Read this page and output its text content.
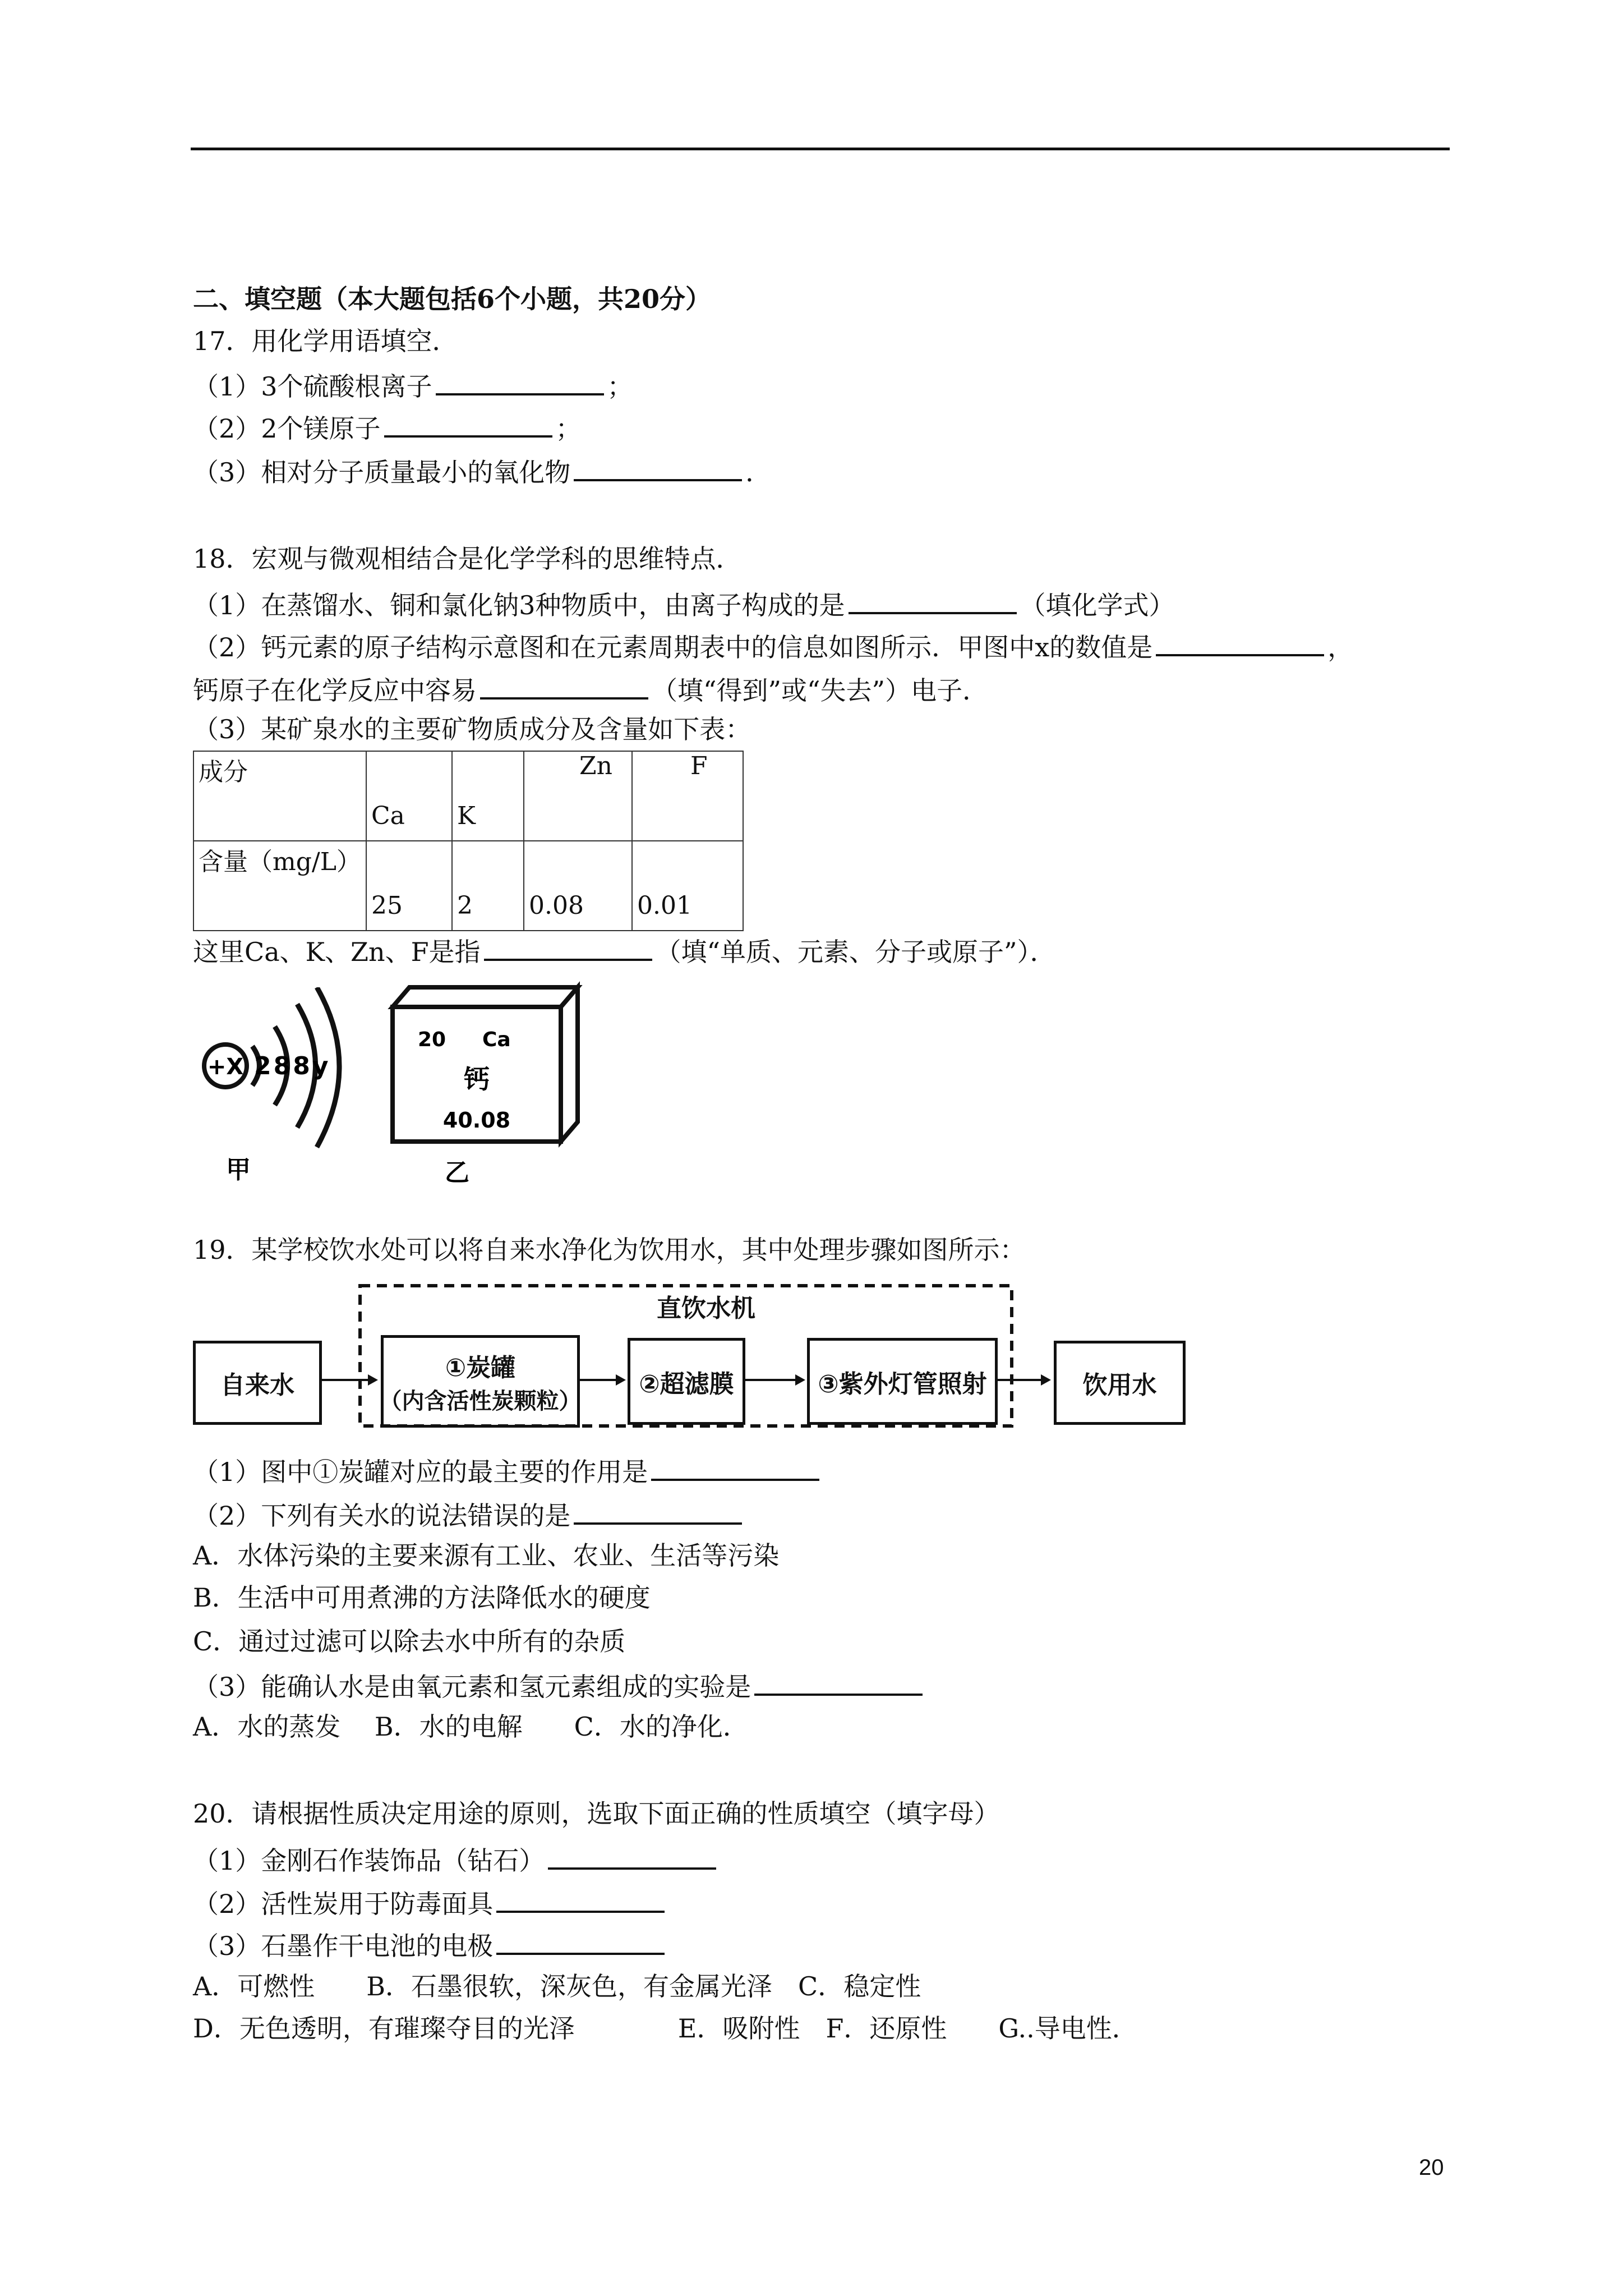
二、填空题（本大题包括6个小题，共20分）
17．用化学用语填空．
（1）3个硫酸根离子	；
（2）2个镁原子	；
（3）相对分子质量最小的氧化物	．
18．宏观与微观相结合是化学学科的思维特点．
（1）在蒸馏水、铜和氯化钠3种物质中，由离子构成的是	（填化学式）
（2）钙元素的原子结构示意图和在元素周期表中的信息如图所示．甲图中x的数值是	，
钙原子在化学反应中容易	（填“得到”或“失去”）电子．
（3）某矿泉水的主要矿物质成分及含量如下表：
成分	Ca	K	Zn	F

含量（mg/L）	25	2	0.08	0.01
这里Ca、K、Zn、F是指	（填“单质、元素、分子或原子”）．
+X 288y
甲
20 Ca
钙
40.08
乙
19．某学校饮水处可以将自来水净化为饮用水，其中处理步骤如图所示：
直饮水机
自来水
①炭罐
（内含活性炭颗粒）
②超滤膜	③紫外灯管照射	饮用水
（1）图中①炭罐对应的最主要的作用是
（2）下列有关水的说法错误的是
A．水体污染的主要来源有工业、农业、生活等污染
B．生活中可用煮沸的方法降低水的硬度
C．通过过滤可以除去水中所有的杂质
（3）能确认水是由氧元素和氢元素组成的实验是
A．水的蒸发　 B．水的电解　　C．水的净化．
20．请根据性质决定用途的原则，选取下面正确的性质填空（填字母）
（1）金刚石作装饰品（钻石）
（2）活性炭用于防毒面具
（3）石墨作干电池的电极
A．可燃性　　B．石墨很软，深灰色，有金属光泽　C．稳定性
D．无色透明，有璀璨夺目的光泽　　　　E．吸附性　F．还原性　　G..导电性．
20
